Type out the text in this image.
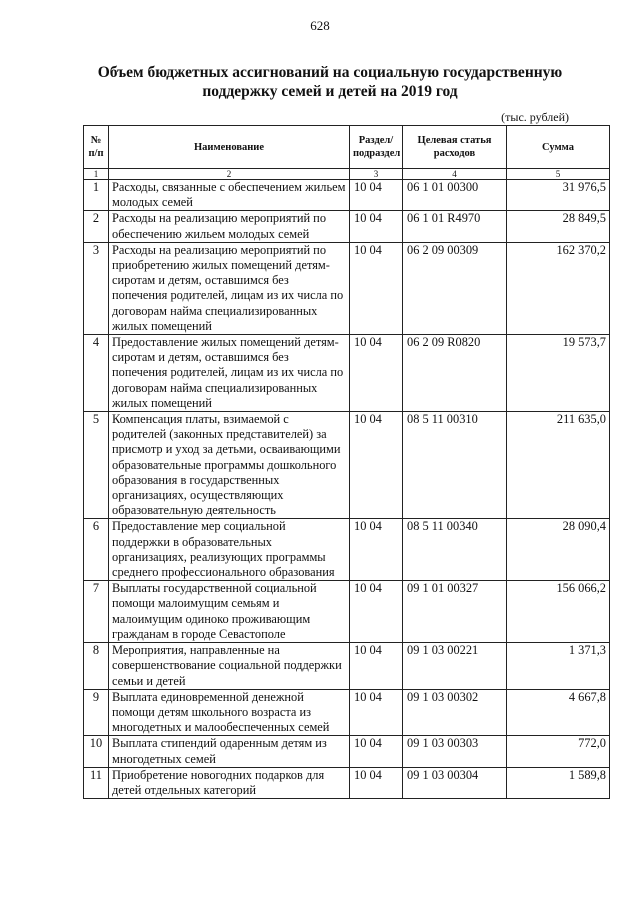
628
Объем бюджетных ассигнований на социальную государственную
поддержку семей и детей на 2019 год
(тыс. рублей)
№ п/п	Наименование	Раздел/ подраздел	Целевая статья расходов	Сумма
1	2	3	4	5
1	Расходы, связанные с обеспечением жильем молодых семей	10 04	06 1 01 00300	31 976,5
2	Расходы на реализацию мероприятий по обеспечению жильем молодых семей	10 04	06 1 01 R4970	28 849,5
3	Расходы на реализацию мероприятий по приобретению жилых помещений детям-сиротам и детям, оставшимся без попечения родителей, лицам из их числа по договорам найма специализированных жилых помещений	10 04	06 2 09 00309	162 370,2
4	Предоставление жилых помещений детям-сиротам и детям, оставшимся без попечения родителей, лицам из их числа по договорам найма специализированных жилых помещений	10 04	06 2 09 R0820	19 573,7
5	Компенсация платы, взимаемой с родителей (законных представителей) за присмотр и уход за детьми, осваивающими образовательные программы дошкольного образования в государственных организациях, осуществляющих образовательную деятельность	10 04	08 5 11 00310	211 635,0
6	Предоставление мер социальной поддержки в образовательных организациях, реализующих программы среднего профессионального образования	10 04	08 5 11 00340	28 090,4
7	Выплаты государственной социальной помощи малоимущим семьям и малоимущим одиноко проживающим гражданам в городе Севастополе	10 04	09 1 01 00327	156 066,2
8	Мероприятия, направленные на совершенствование социальной поддержки семьи и детей	10 04	09 1 03 00221	1 371,3
9	Выплата единовременной денежной помощи детям школьного возраста из многодетных и малообеспеченных семей	10 04	09 1 03 00302	4 667,8
10	Выплата стипендий одаренным детям из многодетных семей	10 04	09 1 03 00303	772,0
11	Приобретение новогодних подарков для детей отдельных категорий	10 04	09 1 03 00304	1 589,8
